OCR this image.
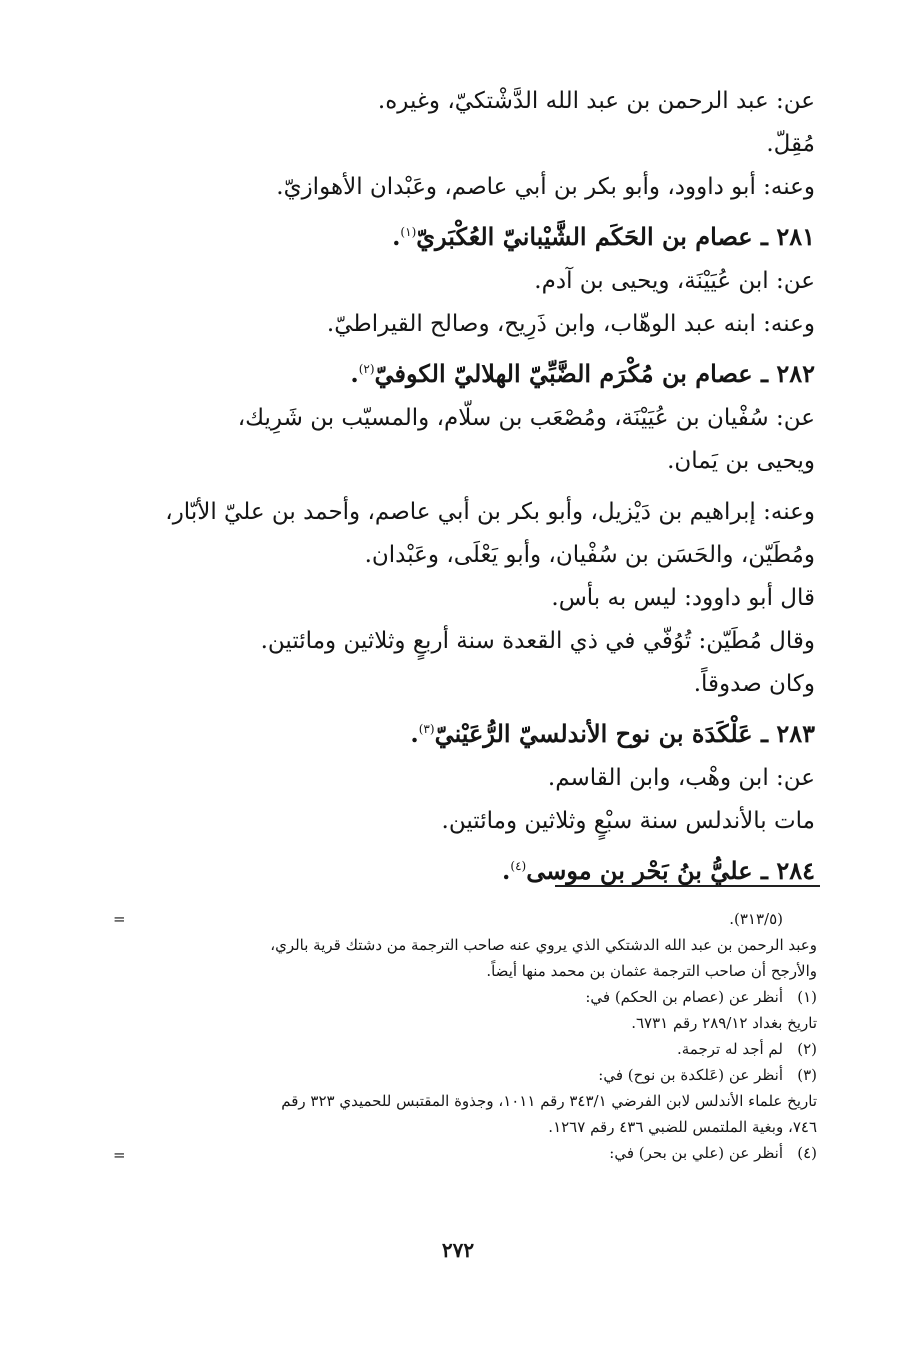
عن: عبد الرحمن بن عبد الله الدَّشْتكيّ، وغيره.
مُقِلّ.
وعنه: أبو داوود، وأبو بكر بن أبي عاصم، وعَبْدان الأهوازيّ.
٢٨١ ـ عصام بن الحَكَم الشَّيْبانيّ العُكْبَريّ$^{(١)}$.
عن: ابن عُيَيْنَة، ويحيى بن آدم.
وعنه: ابنه عبد الوهّاب، وابن ذَرِيح، وصالح القيراطيّ.
٢٨٢ ـ عصام بن مُكْرَم الضَّبِّيّ الهلاليّ الكوفيّ$^{(٢)}$.
عن: سُفْيان بن عُيَيْنَة، ومُصْعَب بن سلّام، والمسيّب بن شَرِيك،
ويحيى بن يَمان.
وعنه: إبراهيم بن دَيْزيل، وأبو بكر بن أبي عاصم، وأحمد بن عليّ الأبّار،
ومُطَيّن، والحَسَن بن سُفْيان، وأبو يَعْلَى، وعَبْدان.
قال أبو داوود: ليس به بأس.
وقال مُطَيّن: تُوُفّي في ذي القعدة سنة أربعٍ وثلاثين ومائتين.
وكان صدوقاً.
٢٨٣ ـ عَلْكَدَة بن نوح الأندلسيّ الرُّعَيْنيّ$^{(٣)}$.
عن: ابن وهْب، وابن القاسم.
مات بالأندلس سنة سبْعٍ وثلاثين ومائتين.
٢٨٤ ـ عليُّ بنُ بَحْر بن موسى$^{(٤)}$.
=	(٣١٣/٥).
وعبد الرحمن بن عبد الله الدشتكي الذي يروي عنه صاحب الترجمة من دشتك قرية بالري،
والأرجح أن صاحب الترجمة عثمان بن محمد منها أيضاً.
(١)أنظر عن (عصام بن الحكم) في:
تاريخ بغداد ٢٨٩/١٢ رقم ٦٧٣١.
(٢)لم أجد له ترجمة.
(٣)أنظر عن (عَلكدة بن نوح) في:
تاريخ علماء الأندلس لابن الفرضي ٣٤٣/١ رقم ١٠١١، وجذوة المقتبس للحميدي ٣٢٣ رقم
٧٤٦، وبغية الملتمس للضبي ٤٣٦ رقم ١٢٦٧.
(٤)أنظر عن (علي بن بحر) في:
=
٢٧٢
